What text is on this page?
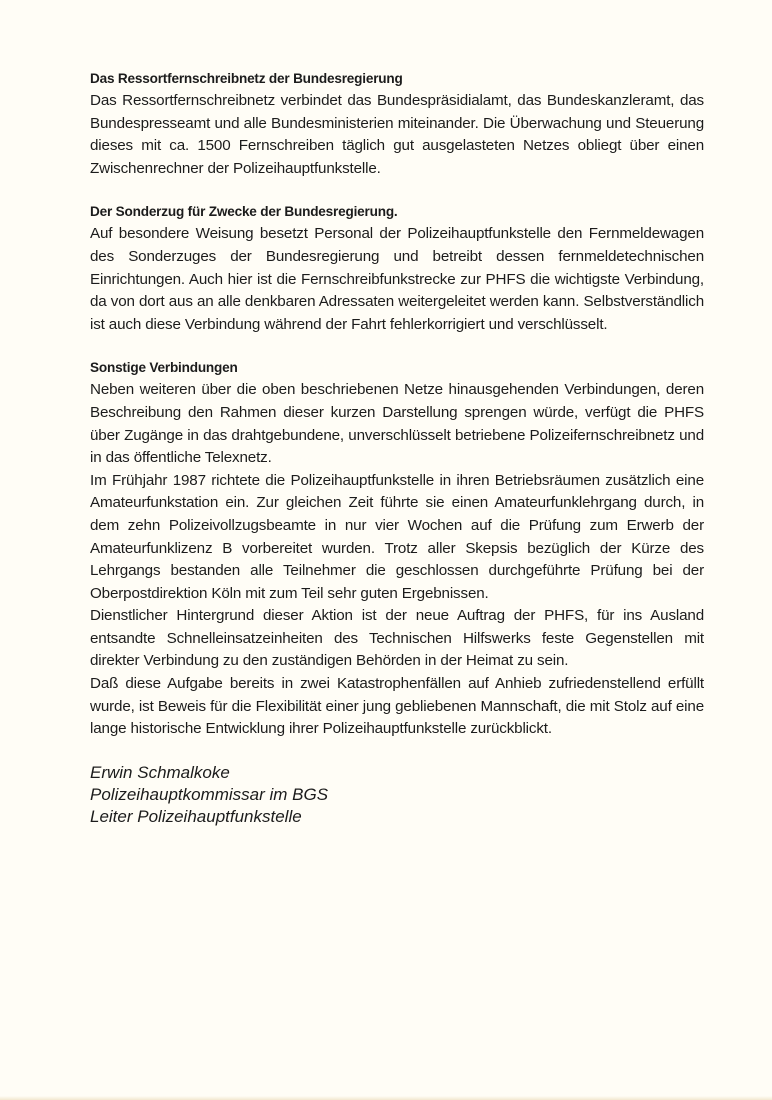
Das Ressortfernschreibnetz der Bundesregierung

Das Ressortfernschreibnetz verbindet das Bundespräsidialamt, das Bundeskanzleramt, das Bundespresseamt und alle Bundesministerien miteinander. Die Überwachung und Steuerung dieses mit ca. 1500 Fernschreiben täglich gut ausgelasteten Netzes obliegt über einen Zwischenrechner der Polizeihauptfunkstelle.

Der Sonderzug für Zwecke der Bundesregierung.

Auf besondere Weisung besetzt Personal der Polizeihauptfunkstelle den Fernmeldewagen des Sonderzuges der Bundesregierung und betreibt dessen fernmeldetechnischen Einrichtungen. Auch hier ist die Fernschreibfunkstrecke zur PHFS die wichtigste Verbindung, da von dort aus an alle denkbaren Adressaten weitergeleitet werden kann. Selbstverständlich ist auch diese Verbindung während der Fahrt fehlerkorrigiert und verschlüsselt.

Sonstige Verbindungen

Neben weiteren über die oben beschriebenen Netze hinausgehenden Verbindungen, deren Beschreibung den Rahmen dieser kurzen Darstellung sprengen würde, verfügt die PHFS über Zugänge in das drahtgebundene, unverschlüsselt betriebene Polizeifernschreibnetz und in das öffentliche Telexnetz.

Im Frühjahr 1987 richtete die Polizeihauptfunkstelle in ihren Betriebsräumen zusätzlich eine Amateurfunkstation ein. Zur gleichen Zeit führte sie einen Amateurfunklehrgang durch, in dem zehn Polizeivollzugsbeamte in nur vier Wochen auf die Prüfung zum Erwerb der Amateurfunklizenz B vorbereitet wurden. Trotz aller Skepsis bezüglich der Kürze des Lehrgangs bestanden alle Teilnehmer die geschlossen durchgeführte Prüfung bei der Oberpostdirektion Köln mit zum Teil sehr guten Ergebnissen.

Dienstlicher Hintergrund dieser Aktion ist der neue Auftrag der PHFS, für ins Ausland entsandte Schnelleinsatzeinheiten des Technischen Hilfswerks feste Gegenstellen mit direkter Verbindung zu den zuständigen Behörden in der Heimat zu sein.

Daß diese Aufgabe bereits in zwei Katastrophenfällen auf Anhieb zufriedenstellend erfüllt wurde, ist Beweis für die Flexibilität einer jung gebliebenen Mannschaft, die mit Stolz auf eine lange historische Entwicklung ihrer Polizeihauptfunkstelle zurückblickt.

Erwin Schmalkoke

Polizeihauptkommissar im BGS

Leiter Polizeihauptfunkstelle
